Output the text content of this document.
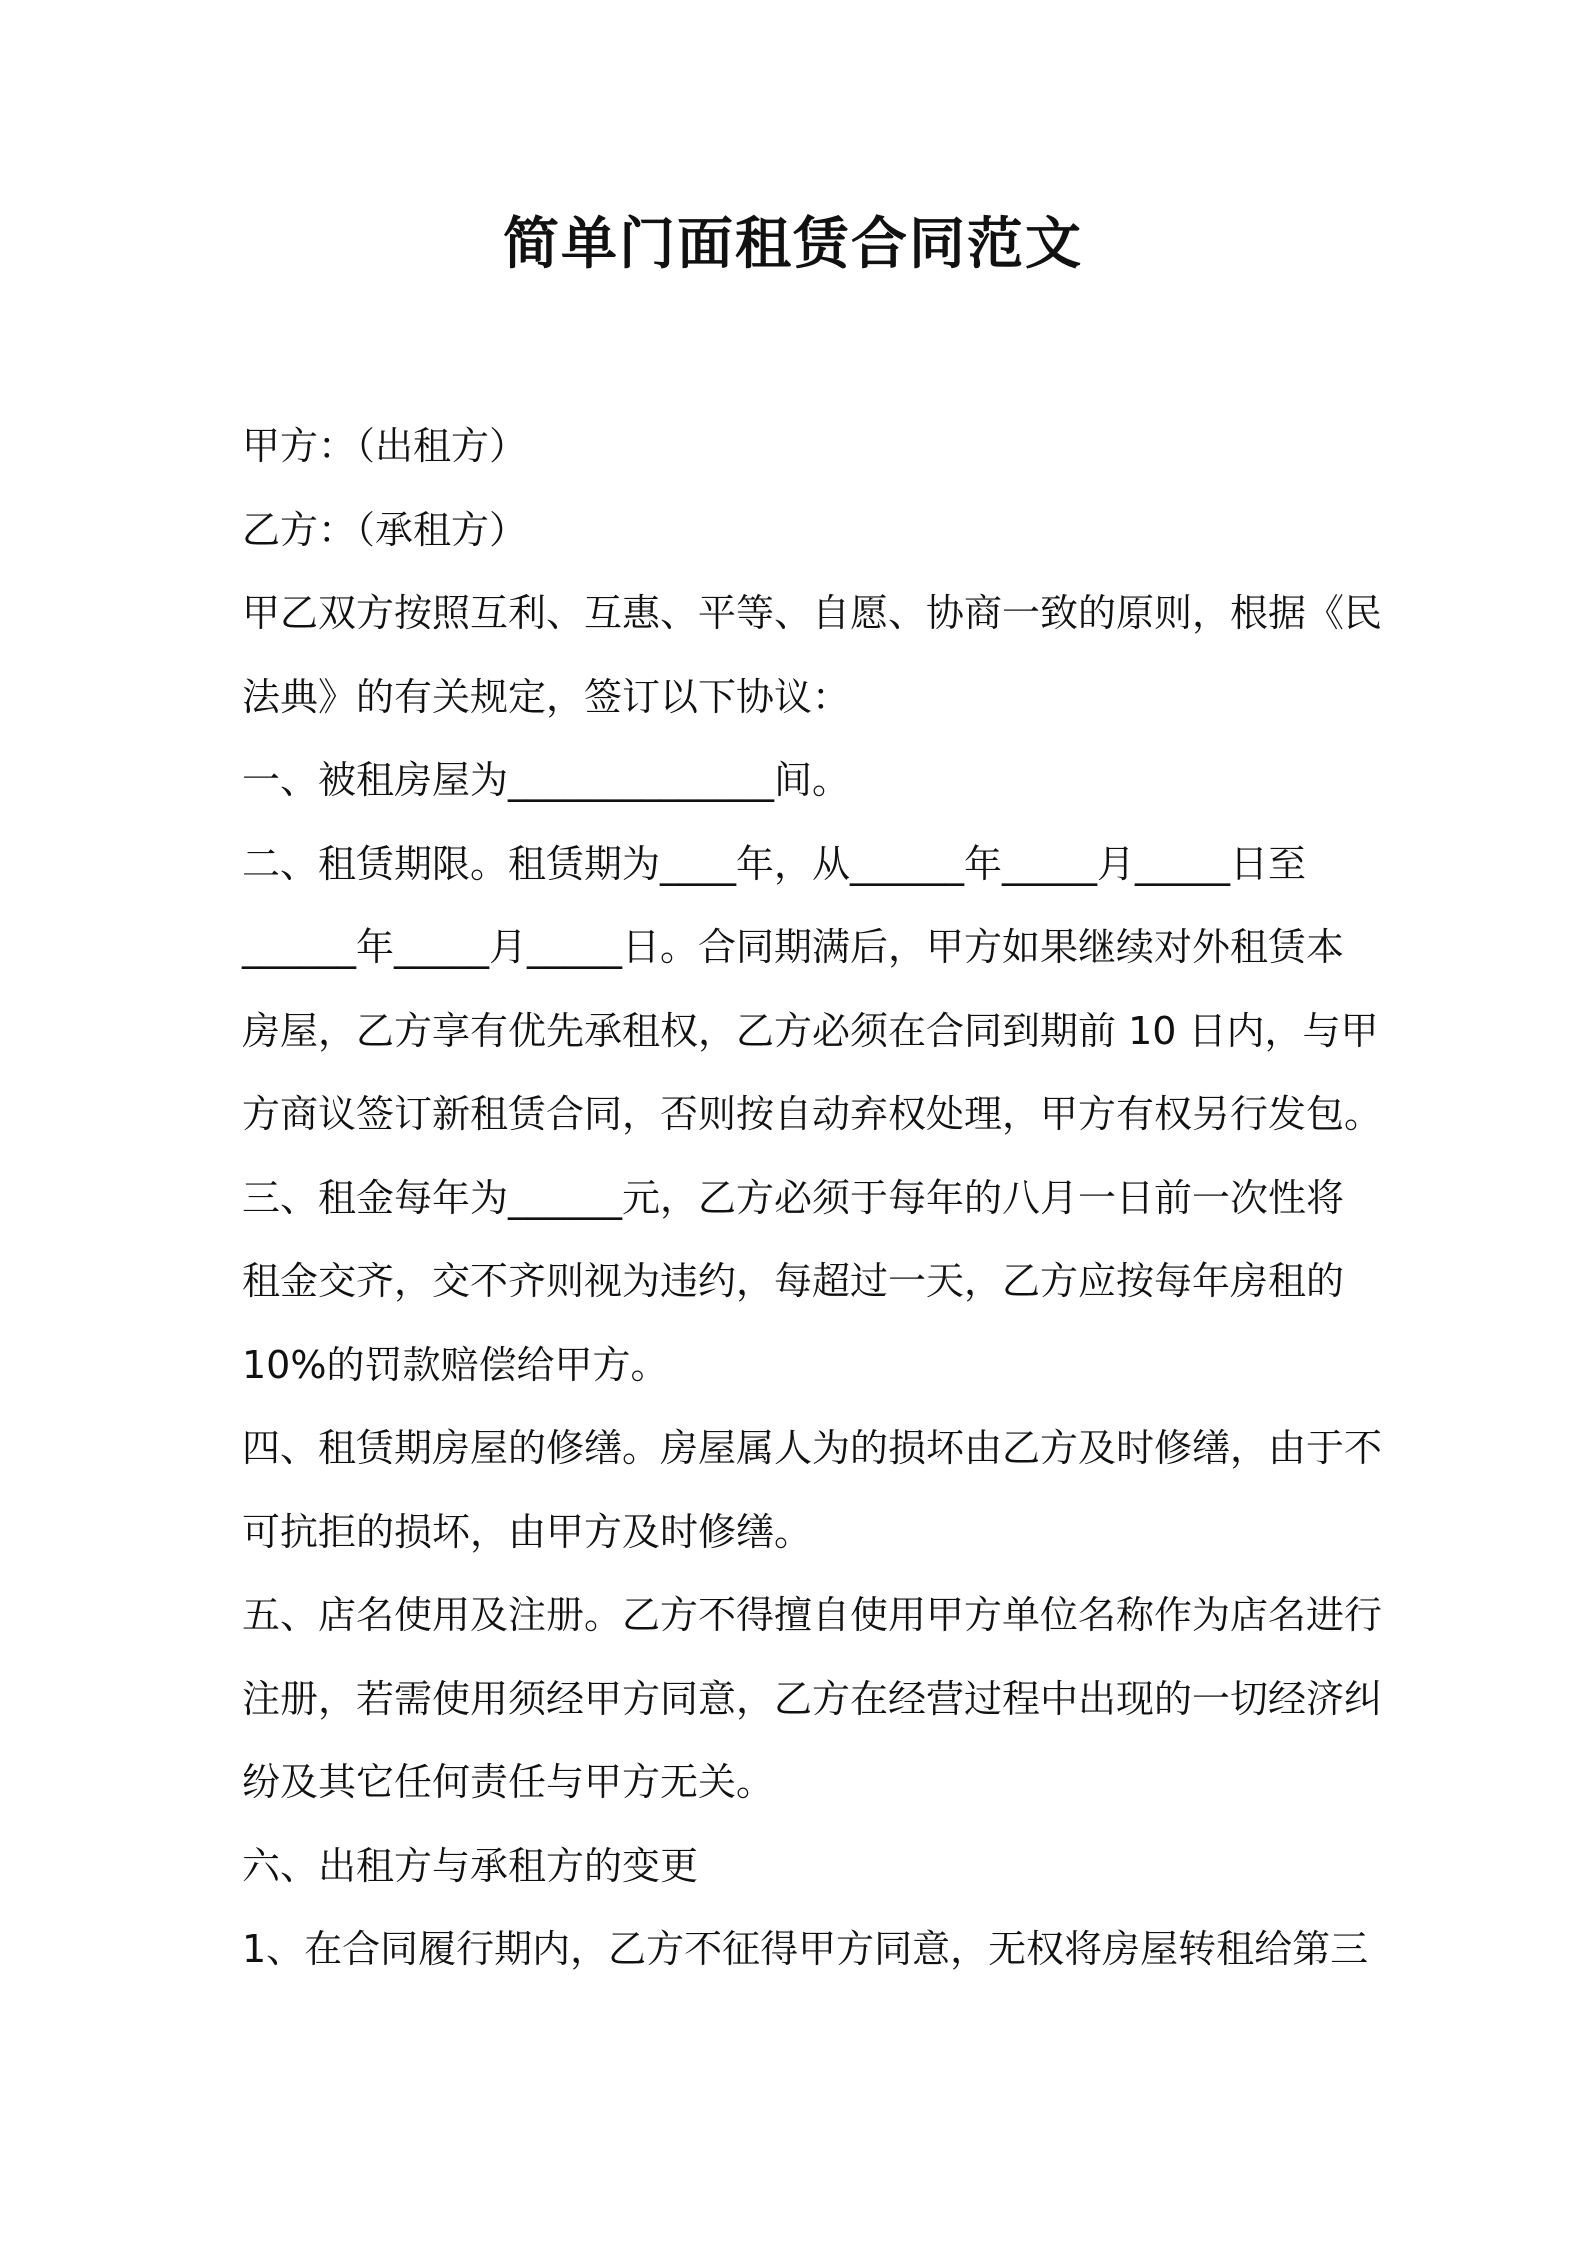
简单门面租赁合同范文

甲方：（出租方）

乙方：（承租方）

甲乙双方按照互利、互惠、平等、自愿、协商一致的原则，根据《民

法典》的有关规定，签订以下协议：

一、被租房屋为______________间。

二、租赁期限。租赁期为____年，从______年_____月_____日至

______年_____月_____日。合同期满后，甲方如果继续对外租赁本

房屋，乙方享有优先承租权，乙方必须在合同到期前 10 日内，与甲

方商议签订新租赁合同，否则按自动弃权处理，甲方有权另行发包。

三、租金每年为______元，乙方必须于每年的八月一日前一次性将

租金交齐，交不齐则视为违约，每超过一天，乙方应按每年房租的

10%的罚款赔偿给甲方。

四、租赁期房屋的修缮。房屋属人为的损坏由乙方及时修缮，由于不

可抗拒的损坏，由甲方及时修缮。

五、店名使用及注册。乙方不得擅自使用甲方单位名称作为店名进行

注册，若需使用须经甲方同意，乙方在经营过程中出现的一切经济纠

纷及其它任何责任与甲方无关。

六、出租方与承租方的变更

1、在合同履行期内，乙方不征得甲方同意，无权将房屋转租给第三
